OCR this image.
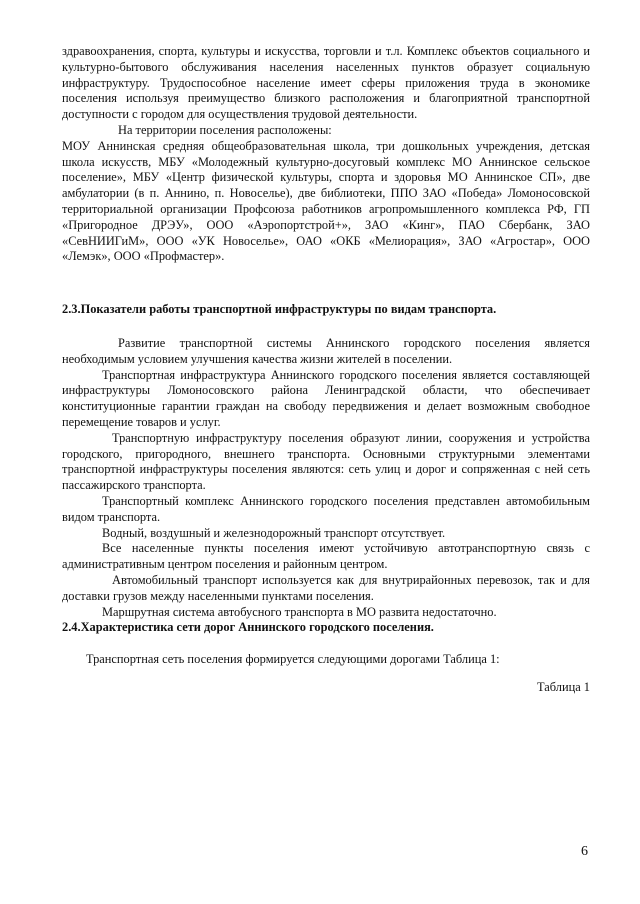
здравоохранения, спорта, культуры и искусства, торговли и т.л. Комплекс объектов социального и культурно-бытового обслуживания населения населенных пунктов образует социальную инфраструктуру. Трудоспособное население имеет сферы приложения труда в экономике поселения используя преимущество близкого расположения и благоприятной транспортной доступности с городом для осуществления трудовой деятельности.

На территории поселения расположены:

МОУ Аннинская средняя общеобразовательная школа, три дошкольных учреждения, детская школа искусств, МБУ «Молодежный культурно-досуговый комплекс МО Аннинское сельское поселение», МБУ «Центр физической культуры, спорта и здоровья МО Аннинское СП», две амбулатории (в п. Аннино, п. Новоселье), две библиотеки, ППО ЗАО «Победа» Ломоносовской территориальной организации Профсоюза работников агропромышленного комплекса РФ, ГП «Пригородное ДРЭУ», ООО «Аэропортстрой+», ЗАО «Кинг», ПАО Сбербанк, ЗАО «СевНИИГиМ», ООО «УК Новоселье», ОАО «ОКБ «Мелиорация», ЗАО «Агростар», ООО «Лемэк», ООО «Профмастер».

2.3.Показатели работы транспортной инфраструктуры по видам транспорта.

Развитие транспортной системы Аннинского городского поселения является необходимым условием улучшения качества жизни жителей в поселении.

Транспортная инфраструктура Аннинского городского поселения является составляющей инфраструктуры Ломоносовского района Ленинградской области, что обеспечивает конституционные гарантии граждан на свободу передвижения и делает возможным свободное перемещение товаров и услуг.

Транспортную инфраструктуру поселения образуют линии, сооружения и устройства городского, пригородного, внешнего транспорта. Основными структурными элементами транспортной инфраструктуры поселения являются: сеть улиц и дорог и сопряженная с ней сеть пассажирского транспорта.

Транспортный комплекс Аннинского городского поселения представлен автомобильным видом транспорта.

Водный, воздушный и железнодорожный транспорт отсутствует.

Все населенные пункты поселения имеют устойчивую автотранспортную связь с административным центром поселения и районным центром.

Автомобильный транспорт используется как для внутрирайонных перевозок, так и для доставки грузов между населенными пунктами поселения.

Маршрутная система автобусного транспорта в МО развита недостаточно.

2.4.Характеристика сети дорог Аннинского городского поселения.

Транспортная сеть поселения формируется следующими дорогами Таблица 1:

Таблица 1
6
